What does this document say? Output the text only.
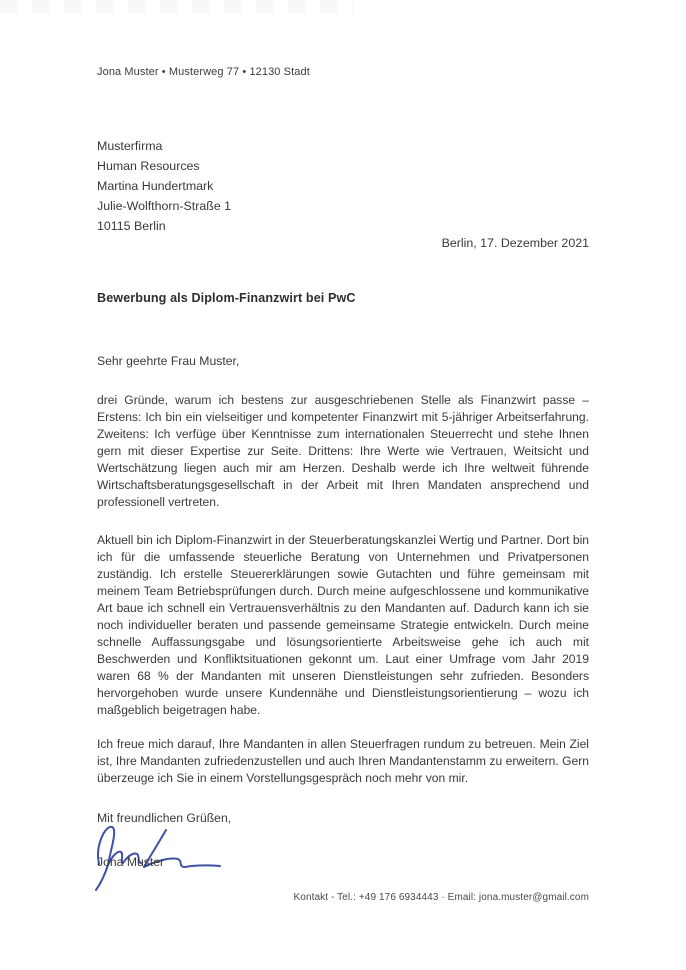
Jona Muster • Musterweg 77 • 12130 Stadt
Musterfirma
Human Resources
Martina Hundertmark
Julie-Wolfthorn-Straße 1
10115 Berlin
Berlin, 17. Dezember 2021
Bewerbung als Diplom-Finanzwirt bei PwC
Sehr geehrte Frau Muster,
drei Gründe, warum ich bestens zur ausgeschriebenen Stelle als Finanzwirt passe – Erstens: Ich bin ein vielseitiger und kompetenter Finanzwirt mit 5-jähriger Arbeitserfahrung. Zweitens: Ich verfüge über Kenntnisse zum internationalen Steuerrecht und stehe Ihnen gern mit dieser Expertise zur Seite. Drittens: Ihre Werte wie Vertrauen, Weitsicht und Wertschätzung liegen auch mir am Herzen. Deshalb werde ich Ihre weltweit führende Wirtschaftsberatungsgesellschaft in der Arbeit mit Ihren Mandaten ansprechend und professionell vertreten.
Aktuell bin ich Diplom-Finanzwirt in der Steuerberatungskanzlei Wertig und Partner. Dort bin ich für die umfassende steuerliche Beratung von Unternehmen und Privatpersonen zuständig. Ich erstelle Steuererklärungen sowie Gutachten und führe gemeinsam mit meinem Team Betriebsprüfungen durch. Durch meine aufgeschlossene und kommunikative Art baue ich schnell ein Vertrauensverhältnis zu den Mandanten auf. Dadurch kann ich sie noch individueller beraten und passende gemeinsame Strategie entwickeln. Durch meine schnelle Auffassungsgabe und lösungsorientierte Arbeitsweise gehe ich auch mit Beschwerden und Konfliktsituationen gekonnt um. Laut einer Umfrage vom Jahr 2019 waren 68 % der Mandanten mit unseren Dienstleistungen sehr zufrieden. Besonders hervorgehoben wurde unsere Kundennähe und Dienstleistungsorientierung – wozu ich maßgeblich beigetragen habe.
Ich freue mich darauf, Ihre Mandanten in allen Steuerfragen rundum zu betreuen. Mein Ziel ist, Ihre Mandanten zufriedenzustellen und auch Ihren Mandantenstamm zu erweitern. Gern überzeuge ich Sie in einem Vorstellungsgespräch noch mehr von mir.
Mit freundlichen Grüßen,
Jona Muster
Kontakt - Tel.: +49 176 6934443 · Email: jona.muster@gmail.com
